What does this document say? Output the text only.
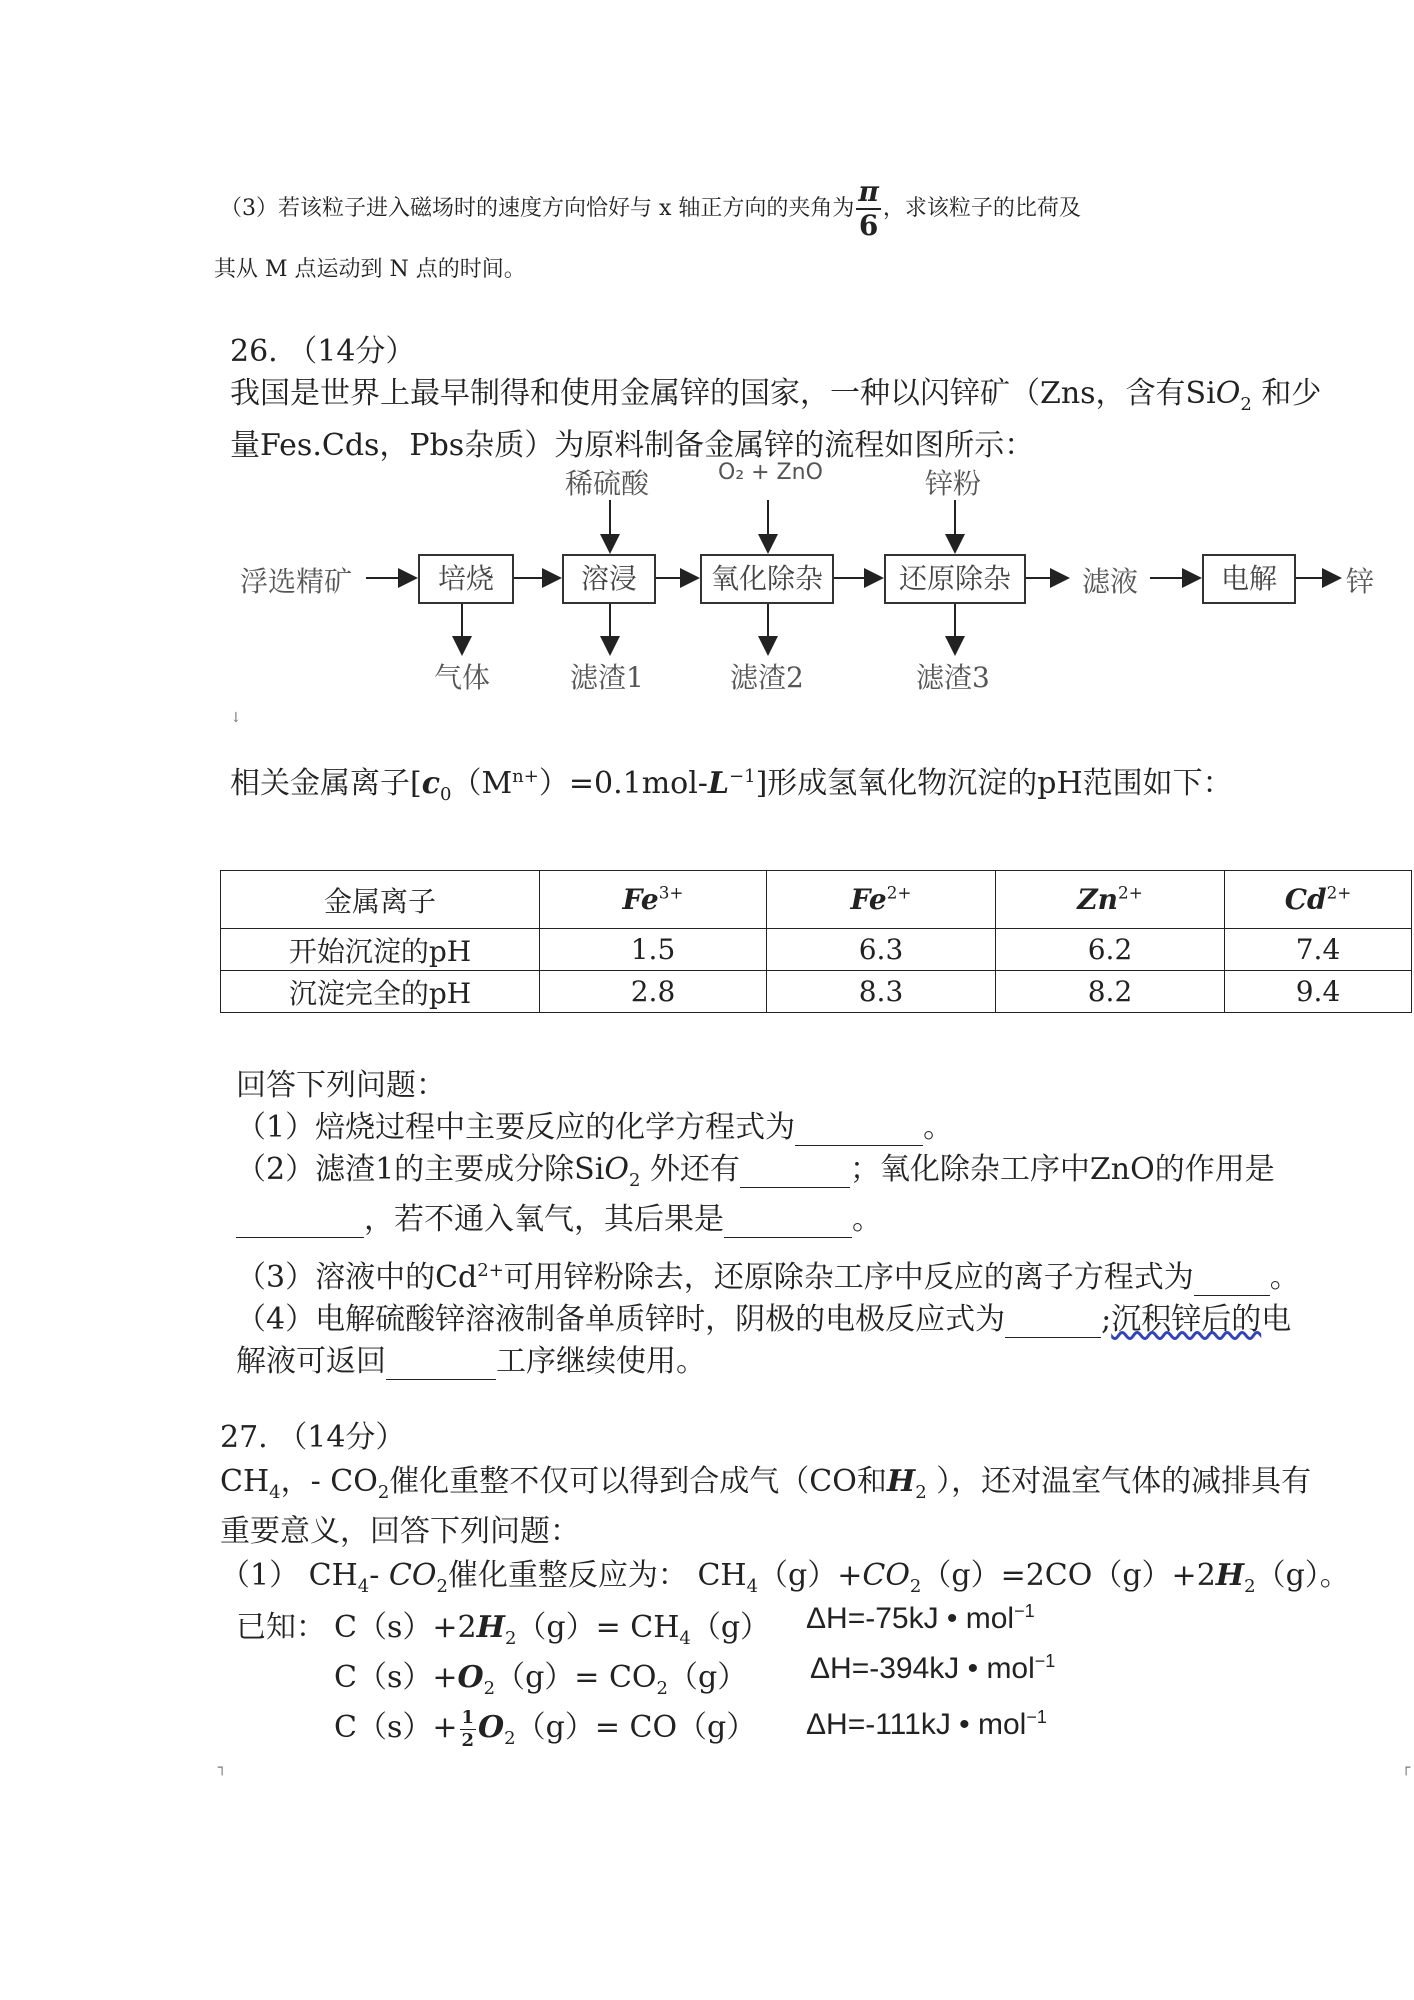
（3）若该粒子进入磁场时的速度方向恰好与 x 轴正方向的夹角为 $\frac{\pi}{6}$ ，求该粒子的比荷及
其从 M 点运动到 N 点的时间。
26. （14分）
我国是世界上最早制得和使用金属锌的国家，一种以闪锌矿（Zns，含有SiO$_2$ 和少
量Fes.Cds，Pbs杂质）为原料制备金属锌的流程如图所示：
浮选精矿	培烧	溶浸	氧化除杂	还原除杂	滤液	电解	锌
稀硫酸	O₂ + ZnO	锌粉
气体	滤渣1	滤渣2	滤渣3
↓
相关金属离子$[c_0(M^{n+})=0.1mol-L^{-1}]$形成氢氧化物沉淀的pH范围如下：
金属离子	$Fe^{3+}$	$Fe^{2+}$	$Zn^{2+}$	$Cd^{2+}$
开始沉淀的pH	1.5	6.3	6.2	7.4
沉淀完全的pH	2.8	8.3	8.2	9.4
回答下列问题：
（1）焙烧过程中主要反应的化学方程式为	。
（2）滤渣1的主要成分除SiO$_2$ 外还有	；氧化除杂工序中ZnO的作用是
，若不通入氧气，其后果是	。
（3）溶液中的$Cd^{2+}$可用锌粉除去，还原除杂工序中反应的离子方程式为	。
（4）电解硫酸锌溶液制备单质锌时，阴极的电极反应式为	;沉积锌后的电
解液可返回	工序继续使用。
27. （14分）
$CH_4$，- $CO_2$催化重整不仅可以得到合成气（CO和$H_2$ ），还对温室气体的减排具有
重要意义，回答下列问题：
（1） $CH_4-$ $CO_2$催化重整反应为： $CH_4(g)+CO_2(g)=2CO(g)+2H_2(g)$。
已知： $C(s)+2H_2(g)= CH_4(g)$ ΔH=-75kJ • mol$^{-1}$
$C(s)+O_2(g)= CO_2(g)$ ΔH=-394kJ • mol$^{-1}$
$C(s)+ \frac{1}{2} O_2(g)= CO(g)$ ΔH=-111kJ • mol$^{-1}$
┐	┌
